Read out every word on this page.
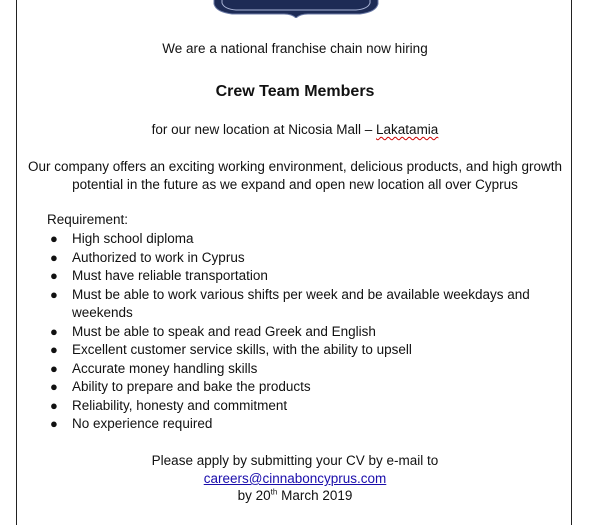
We are a national franchise chain now hiring
Crew Team Members
for our new location at Nicosia Mall – Lakatamia
Our company offers an exciting working environment, delicious products, and high growth potential in the future as we expand and open new location all over Cyprus
Requirement:
● High school diploma
● Authorized to work in Cyprus
● Must have reliable transportation
● Must be able to work various shifts per week and be available weekdays and weekends
● Must be able to speak and read Greek and English
● Excellent customer service skills, with the ability to upsell
● Accurate money handling skills
● Ability to prepare and bake the products
● Reliability, honesty and commitment
● No experience required
Please apply by submitting your CV by e-mail to
careers@cinnaboncyprus.com
by 20th March 2019
